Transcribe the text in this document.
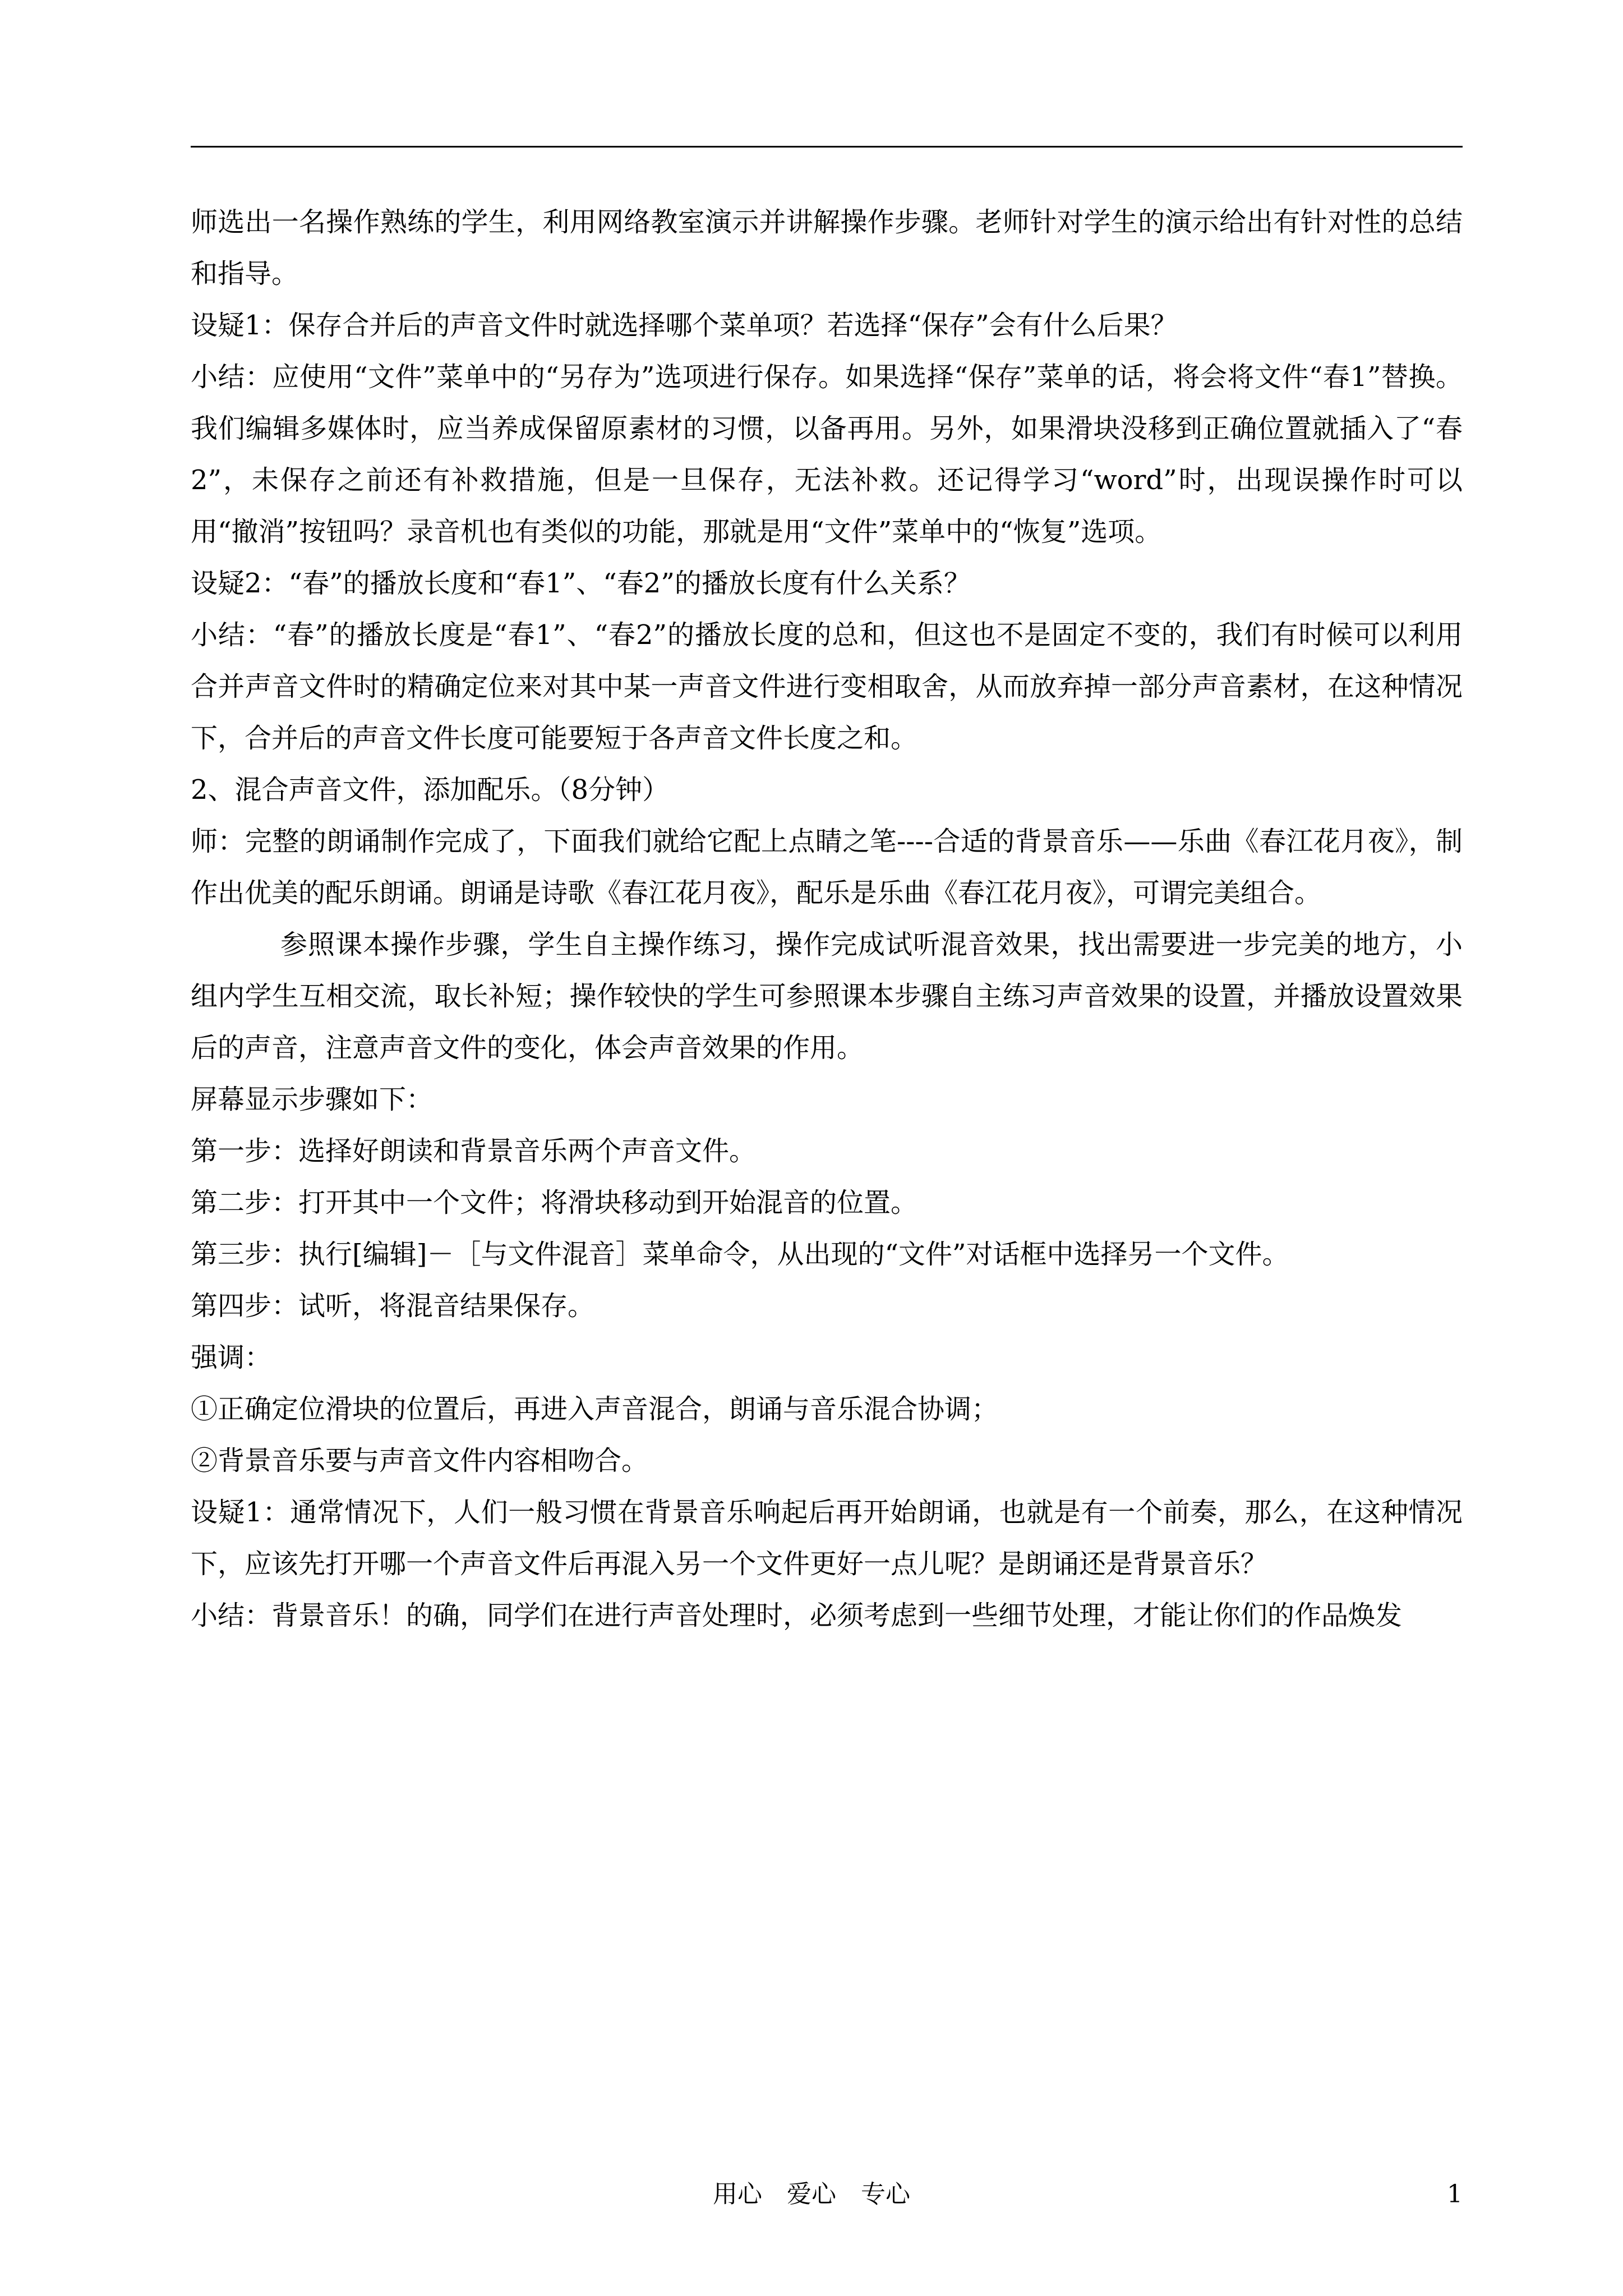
师选出一名操作熟练的学生，利用网络教室演示并讲解操作步骤。老师针对学生的演示给出有针对性的总结和指导。

设疑1：保存合并后的声音文件时就选择哪个菜单项？若选择“保存”会有什么后果？

小结：应使用“文件”菜单中的“另存为”选项进行保存。如果选择“保存”菜单的话，将会将文件“春1”替换。我们编辑多媒体时，应当养成保留原素材的习惯，以备再用。另外，如果滑块没移到正确位置就插入了“春2”，未保存之前还有补救措施，但是一旦保存，无法补救。还记得学习“word”时，出现误操作时可以用“撤消”按钮吗？录音机也有类似的功能，那就是用“文件”菜单中的“恢复”选项。

设疑2：“春”的播放长度和“春1”、“春2”的播放长度有什么关系？

小结：“春”的播放长度是“春1”、“春2”的播放长度的总和，但这也不是固定不变的，我们有时候可以利用合并声音文件时的精确定位来对其中某一声音文件进行变相取舍，从而放弃掉一部分声音素材，在这种情况下，合并后的声音文件长度可能要短于各声音文件长度之和。

2、混合声音文件，添加配乐。（8分钟）

师：完整的朗诵制作完成了，下面我们就给它配上点睛之笔----合适的背景音乐——乐曲《春江花月夜》，制作出优美的配乐朗诵。朗诵是诗歌《春江花月夜》，配乐是乐曲《春江花月夜》，可谓完美组合。

参照课本操作步骤，学生自主操作练习，操作完成试听混音效果，找出需要进一步完美的地方，小组内学生互相交流，取长补短；操作较快的学生可参照课本步骤自主练习声音效果的设置，并播放设置效果后的声音，注意声音文件的变化，体会声音效果的作用。

屏幕显示步骤如下：

第一步：选择好朗读和背景音乐两个声音文件。

第二步：打开其中一个文件；将滑块移动到开始混音的位置。

第三步：执行[编辑]－［与文件混音］菜单命令，从出现的“文件”对话框中选择另一个文件。

第四步：试听，将混音结果保存。

强调：

①正确定位滑块的位置后，再进入声音混合，朗诵与音乐混合协调；

②背景音乐要与声音文件内容相吻合。

设疑1：通常情况下，人们一般习惯在背景音乐响起后再开始朗诵，也就是有一个前奏，那么，在这种情况下，应该先打开哪一个声音文件后再混入另一个文件更好一点儿呢？是朗诵还是背景音乐？

小结：背景音乐！的确，同学们在进行声音处理时，必须考虑到一些细节处理，才能让你们的作品焕发

用心　爱心　专心	1
